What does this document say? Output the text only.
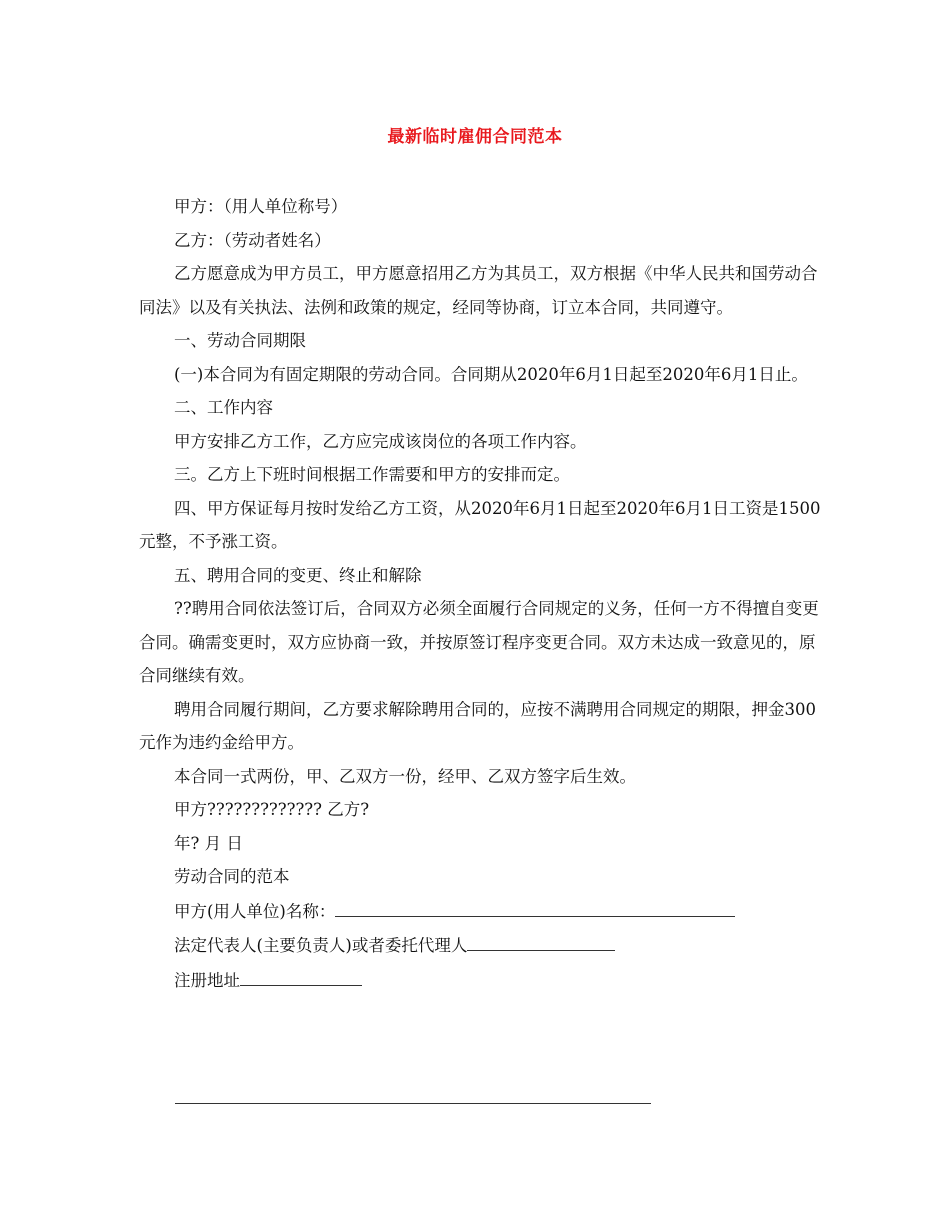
最新临时雇佣合同范本

甲方：（用人单位称号）

乙方：（劳动者姓名）

乙方愿意成为甲方员工，甲方愿意招用乙方为其员工，双方根据《中华人民共和国劳动合同法》以及有关执法、法例和政策的规定，经同等协商，订立本合同，共同遵守。

一、劳动合同期限

(一)本合同为有固定期限的劳动合同。合同期从2020年6月1日起至2020年6月1日止。

二、工作内容

甲方安排乙方工作，乙方应完成该岗位的各项工作内容。

三。乙方上下班时间根据工作需要和甲方的安排而定。

四、甲方保证每月按时发给乙方工资，从2020年6月1日起至2020年6月1日工资是1500元整，不予涨工资。

五、聘用合同的变更、终止和解除

??聘用合同依法签订后，合同双方必须全面履行合同规定的义务，任何一方不得擅自变更合同。确需变更时，双方应协商一致，并按原签订程序变更合同。双方未达成一致意见的，原合同继续有效。

聘用合同履行期间，乙方要求解除聘用合同的，应按不满聘用合同规定的期限，押金300元作为违约金给甲方。

本合同一式两份，甲、乙双方一份，经甲、乙双方签字后生效。

甲方????????????? 乙方?

年? 月 日

劳动合同的范本

甲方(用人单位)名称：

法定代表人(主要负责人)或者委托代理人

注册地址
